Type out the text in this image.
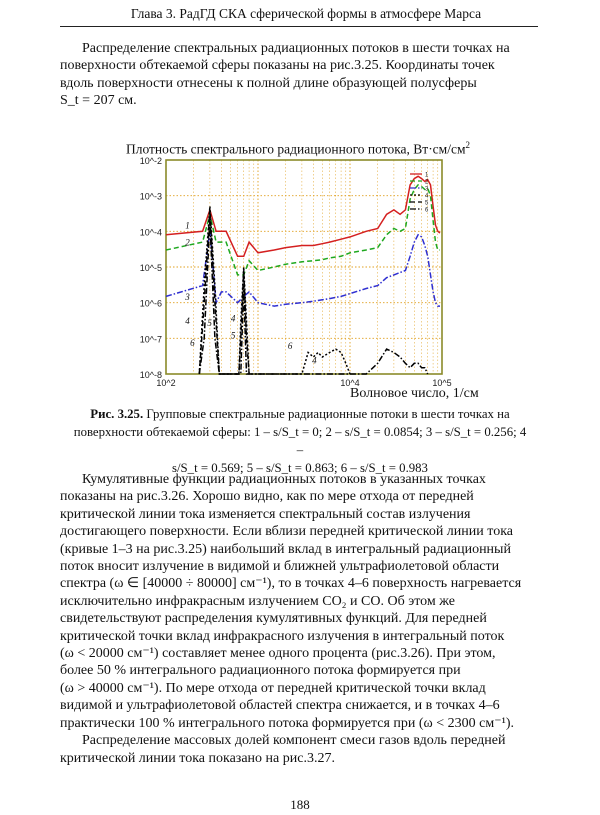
Глава 3. РадГД СКА сферической формы в атмосфере Марса

Распределение спектральных радиационных потоков в шести точках на

поверхности обтекаемой сферы показаны на рис.3.25. Координаты точек

вдоль поверхности отнесены к полной длине образующей полусферы

S_t = 207 см.

Плотность спектрального радиационного потока, $Вт\cdot см/см^2$
10^-8
10^-7
10^-6
10^-5
10^-4
10^-3
10^-2
10^2	10^4	10^5
1
2
3
4
5
6
1
2
3
4 5
6
4
5
6
4
Волновое число, 1/см
Рис. 3.25. Групповые спектральные радиационные потоки в шести точках на
поверхности обтекаемой сферы: 1 – s/S_t = 0; 2 – s/S_t = 0.0854; 3 – s/S_t = 0.256; 4 –
s/S_t = 0.569; 5 – s/S_t = 0.863; 6 – s/S_t = 0.983

Кумулятивные функции радиационных потоков в указанных точках

показаны на рис.3.26. Хорошо видно, как по мере отхода от передней

критической линии тока изменяется спектральный состав излучения

достигающего поверхности. Если вблизи передней критической линии тока

(кривые 1–3 на рис.3.25) наибольший вклад в интегральный радиационный

поток вносит излучение в видимой и ближней ультрафиолетовой области

спектра (ω ∈ [40000 ÷ 80000] см⁻¹), то в точках 4–6 поверхность нагревается

исключительно инфракрасным излучением CO₂ и CO. Об этом же

свидетельствуют распределения кумулятивных функций. Для передней

критической точки вклад инфракрасного излучения в интегральный поток

(ω < 20000 см⁻¹) составляет менее одного процента (рис.3.26). При этом,

более 50 % интегрального радиационного потока формируется при

(ω > 40000 см⁻¹). По мере отхода от передней критической точки вклад

видимой и ультрафиолетовой областей спектра снижается, и в точках 4–6

практически 100 % интегрального потока формируется при (ω < 2300 см⁻¹).

Распределение массовых долей компонент смеси газов вдоль передней

критической линии тока показано на рис.3.27.

188
